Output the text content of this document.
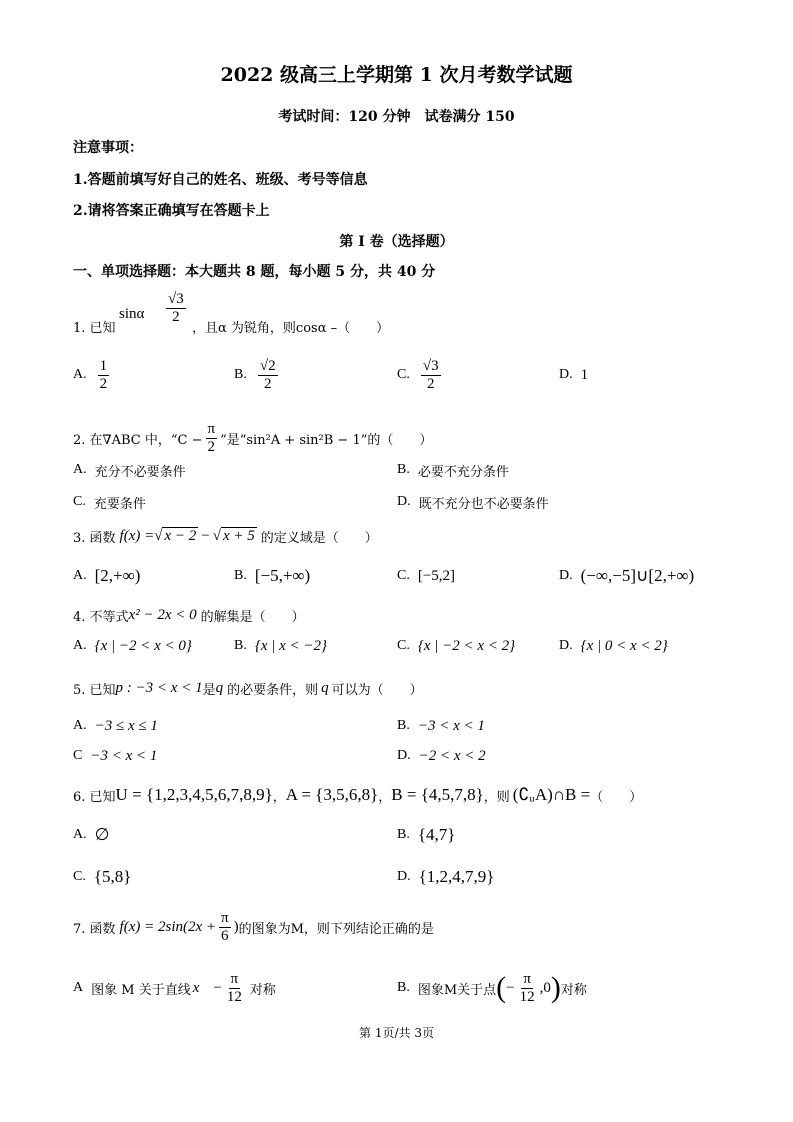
2022 级高三上学期第 1 次月考数学试题
考试时间：120 分钟　试卷满分 150
注意事项：
1.答题前填写好自己的姓名、班级、考号等信息
2.请将答案正确填写在答题卡上
第 I 卷（选择题）
一、单项选择题：本大题共 8 题，每小题 5 分，共 40 分
1. 已知
sinα $\frac{√3}{2}$
，且α 为锐角，则cosα –（　　）
A. $\frac{1}{2}$	B. $\frac{√2}{2}$	C. $\frac{√3}{2}$	D. 1
2. 在∇ABC 中，“$C - \frac{\pi}{2}$ ”是“sin²A + sin²B − 1”的（　　）
A. 充分不必要条件	B. 必要不充分条件
C. 充要条件	D. 既不充分也不必要条件
3. 函数 f(x) = √ x − 2 − √ x + 5 的定义域是（　　）
A. [2,+∞)	B. [−5,+∞)	C. [−5,2]	D. (−∞,−5]∪[2,+∞)
4. 不等式 x² − 2x < 0 的解集是（　　）
A. {x | −2 < x < 0}	B. {x | x < −2}	C. {x | −2 < x < 2}	D. {x | 0 < x < 2}
5. 已知 p : −3 < x < 1 是 q 的必要条件，则 q 可以为（　　）
A. −3 ≤ x ≤ 1	B. −3 < x < 1
C −3 < x < 1	D. −2 < x < 2
6. 已知 U = {1,2,3,4,5,6,7,8,9} ， A = {3,5,6,8} ， B = {4,5,7,8} ，则 (∁ᵤA)∩B = （　　）
A. ∅	B. {4,7}
C. {5,8}	D. {1,2,4,7,9}
7. 函数 $f(x) = 2\sin(2x + \frac{\pi}{6}$ ) 的图象为M，则下列结论正确的是
A 图象 M 关于直线 $x - \frac{\pi}{12}$ 对称	B. 图象M关于点 ( − $\frac{\pi}{12} ,0$ ) 对称
第 1页/共 3页
